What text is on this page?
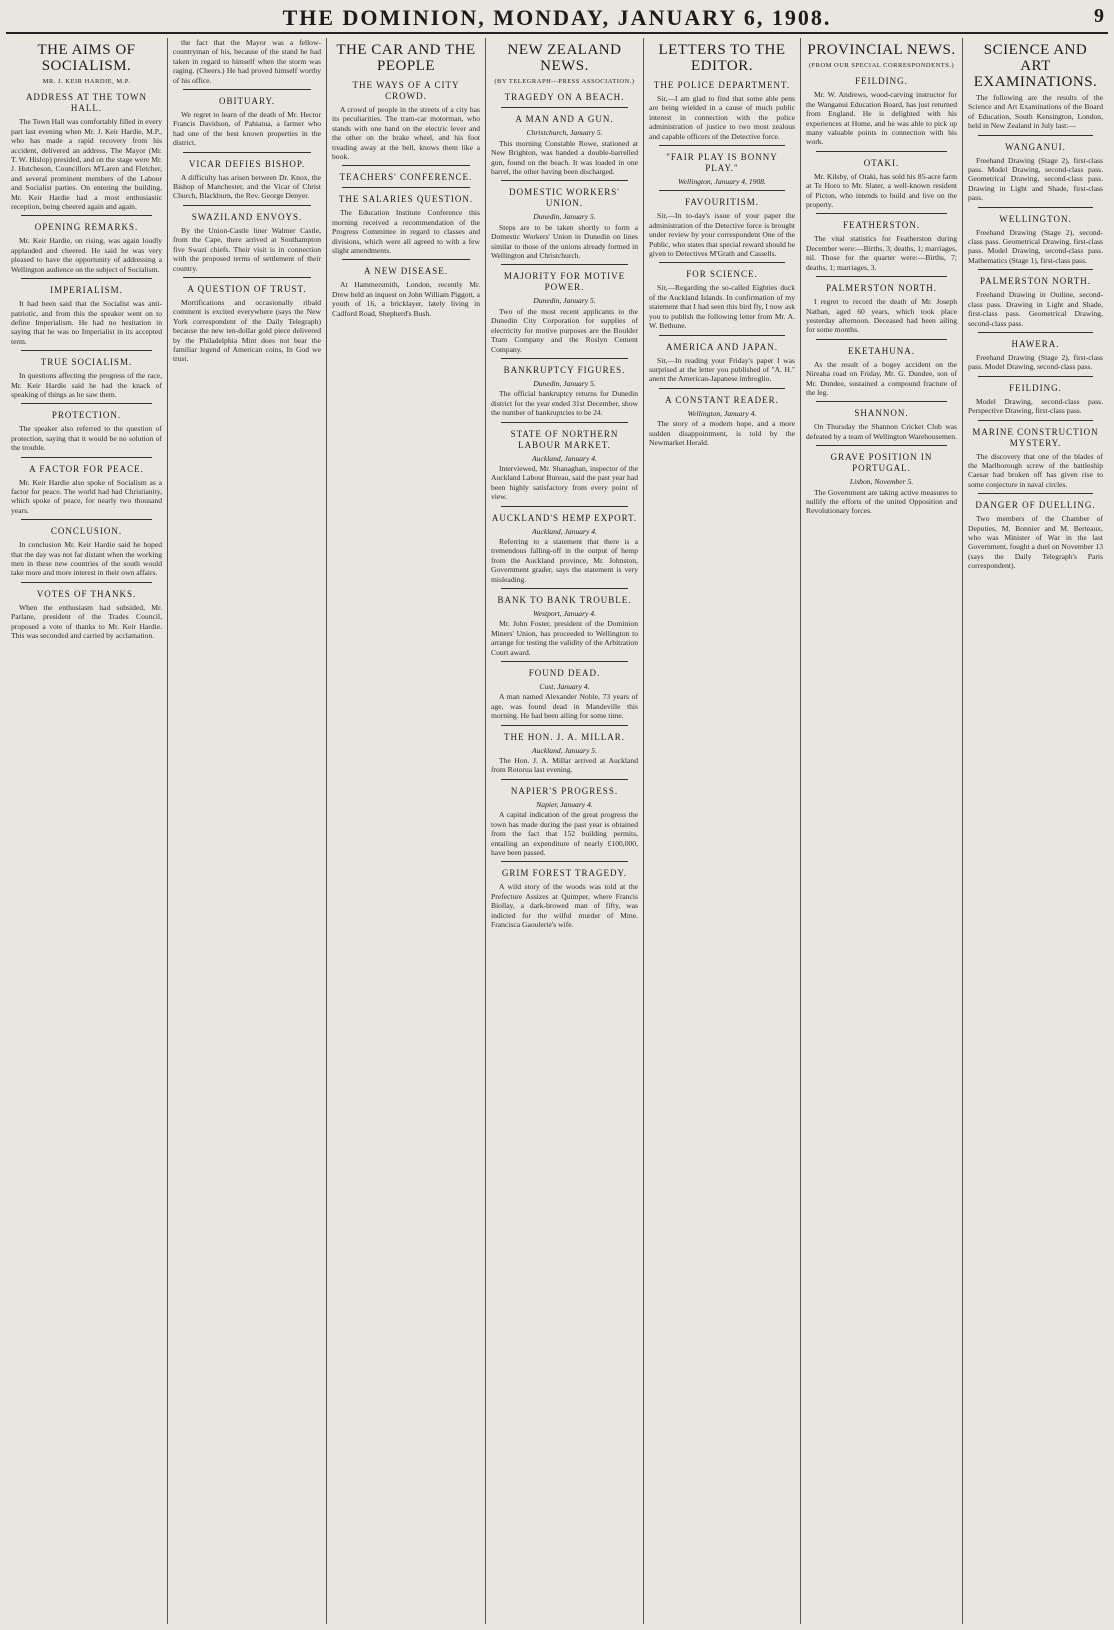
THE DOMINION, MONDAY, JANUARY 6, 1908.	9
THE AIMS OF SOCIALISM.
MR. J. KEIR HARDIE, M.P.
ADDRESS AT THE TOWN HALL.

The Town Hall was comfortably filled in every part last evening when Mr. J. Keir Hardie, M.P., who has made a rapid recovery from his accident, delivered an address. The Mayor (Mr. T. W. Hislop) presided, and on the stage were Mr. J. Hutcheson, Councillors M'Laren and Fletcher, and several prominent members of the Labour and Socialist parties. On entering the building, Mr. Keir Hardie had a most enthusiastic reception, being cheered again and again.

OPENING REMARKS.

Mr. Keir Hardie, on rising, was again loudly applauded and cheered. He said he was very pleased to have the opportunity of addressing a Wellington audience on the subject of Socialism.

IMPERIALISM.

It had been said that the Socialist was anti-patriotic, and from this the speaker went on to define Imperialism. He had no hesitation in saying that he was no Imperialist in its accepted term.

TRUE SOCIALISM.

In questions affecting the progress of the race, Mr. Keir Hardie said he had the knack of speaking of things as he saw them.

PROTECTION.

The speaker also referred to the question of protection, saying that it would be no solution of the trouble.

A FACTOR FOR PEACE.

Mr. Keir Hardie also spoke of Socialism as a factor for peace. The world had had Christianity, which spoke of peace, for nearly two thousand years.

CONCLUSION.

In conclusion Mr. Keir Hardie said he hoped that the day was not far distant when the working men in these new countries of the south would take more and more interest in their own affairs.

VOTES OF THANKS.

When the enthusiasm had subsided, Mr. Parlane, president of the Trades Council, proposed a vote of thanks to Mr. Keir Hardie. This was seconded and carried by acclamation.

the fact that the Mayor was a fellow-countryman of his, because of the stand he had taken in regard to himself when the storm was raging. (Cheers.) He had proved himself worthy of his office.

OBITUARY.

We regret to learn of the death of Mr. Hector Francis Davidson, of Pahiatua, a farmer who had one of the best known properties in the district.

VICAR DEFIES BISHOP.

A difficulty has arisen between Dr. Knox, the Bishop of Manchester, and the Vicar of Christ Church, Blackburn, the Rev. George Denyer.

SWAZILAND ENVOYS.

By the Union-Castle liner Walmer Castle, from the Cape, there arrived at Southampton five Swazi chiefs. Their visit is in connection with the proposed terms of settlement of their country.

A QUESTION OF TRUST.

Mortifications and occasionally ribald comment is excited everywhere (says the New York correspondent of the Daily Telegraph) because the new ten-dollar gold piece delivered by the Philadelphia Mint does not bear the familiar legend of American coins, In God we trust.

THE CAR AND THE PEOPLE
THE WAYS OF A CITY CROWD.

A crowd of people in the streets of a city has its peculiarities. The tram-car motorman, who stands with one hand on the electric lever and the other on the brake wheel, and his foot treading away at the bell, knows them like a book.

TEACHERS' CONFERENCE.
THE SALARIES QUESTION.

The Education Institute Conference this morning received a recommendation of the Progress Committee in regard to classes and divisions, which were all agreed to with a few slight amendments.

A NEW DISEASE.

At Hammersmith, London, recently Mr. Drew held an inquest on John William Piggott, a youth of 16, a bricklayer, lately living in Cadford Road, Shepherd's Bush.

NEW ZEALAND NEWS.
(BY TELEGRAPH—PRESS ASSOCIATION.)
TRAGEDY ON A BEACH.
A MAN AND A GUN.
Christchurch, January 5.

This morning Constable Rowe, stationed at New Brighton, was handed a double-barrelled gun, found on the beach. It was loaded in one barrel, the other having been discharged.

DOMESTIC WORKERS' UNION.
Dunedin, January 5.

Steps are to be taken shortly to form a Domestic Workers' Union in Dunedin on lines similar to those of the unions already formed in Wellington and Christchurch.

MAJORITY FOR MOTIVE POWER.
Dunedin, January 5.

Two of the most recent applicants to the Dunedin City Corporation for supplies of electricity for motive purposes are the Boulder Tram Company and the Roslyn Cement Company.

BANKRUPTCY FIGURES.
Dunedin, January 5.

The official bankruptcy returns for Dunedin district for the year ended 31st December, show the number of bankruptcies to be 24.

STATE OF NORTHERN LABOUR MARKET.
Auckland, January 4.

Interviewed, Mr. Shanaghan, inspector of the Auckland Labour Bureau, said the past year had been highly satisfactory from every point of view.

AUCKLAND'S HEMP EXPORT.
Auckland, January 4.

Referring to a statement that there is a tremendous falling-off in the output of hemp from the Auckland province, Mr. Johnston, Government grader, says the statement is very misleading.

BANK TO BANK TROUBLE.
Westport, January 4.

Mr. John Foster, president of the Dominion Miners' Union, has proceeded to Wellington to arrange for testing the validity of the Arbitration Court award.

FOUND DEAD.
Cust, January 4.

A man named Alexander Noble, 73 years of age, was found dead in Mandeville this morning. He had been ailing for some time.

THE HON. J. A. MILLAR.
Auckland, January 5.

The Hon. J. A. Millar arrived at Auckland from Rotorua last evening.

NAPIER'S PROGRESS.
Napier, January 4.

A capital indication of the great progress the town has made during the past year is obtained from the fact that 152 building permits, entailing an expenditure of nearly £100,000, have been passed.

GRIM FOREST TRAGEDY.

A wild story of the woods was told at the Prefecture Assizes at Quimper, where Francis Biollay, a dark-browed man of fifty, was indicted for the wilful murder of Mme. Francisca Gaoulerie's wife.

LETTERS TO THE EDITOR.
THE POLICE DEPARTMENT.

Sir,—I am glad to find that some able pens are being wielded in a cause of much public interest in connection with the police administration of justice to two most zealous and capable officers of the Detective force.

"FAIR PLAY IS BONNY PLAY."
Wellington, January 4, 1908.
FAVOURITISM.

Sir,—In to-day's issue of your paper the administration of the Detective force is brought under review by your correspondent One of the Public, who states that special reward should be given to Detectives M'Grath and Cassells.

FOR SCIENCE.

Sir,—Regarding the so-called Eighties duck of the Auckland Islands. In confirmation of my statement that I had seen this bird fly, I now ask you to publish the following letter from Mr. A. W. Bethune.

AMERICA AND JAPAN.

Sir,—In reading your Friday's paper I was surprised at the letter you published of "A. H." anent the American-Japanese imbroglio.

A CONSTANT READER.
Wellington, January 4.

The story of a modern hope, and a more sudden disappointment, is told by the Newmarket Herald.

PROVINCIAL NEWS.
(FROM OUR SPECIAL CORRESPONDENTS.)
FEILDING.

Mr. W. Andrews, wood-carving instructor for the Wanganui Education Board, has just returned from England. He is delighted with his experiences at Home, and he was able to pick up many valuable points in connection with his work.

OTAKI.

Mr. Kilsby, of Otaki, has sold his 85-acre farm at Te Horo to Mr. Slater, a well-known resident of Picton, who intends to build and live on the property.

FEATHERSTON.

The vital statistics for Featherston during December were:—Births, 3; deaths, 1; marriages, nil. Those for the quarter were:—Births, 7; deaths, 1; marriages, 3.

PALMERSTON NORTH.

I regret to record the death of Mr. Joseph Nathan, aged 60 years, which took place yesterday afternoon. Deceased had been ailing for some months.

EKETAHUNA.

As the result of a bogey accident on the Nireaha road on Friday, Mr. G. Dundee, son of Mr. Dundee, sustained a compound fracture of the leg.

SHANNON.

On Thursday the Shannon Cricket Club was defeated by a team of Wellington Warehousemen.

GRAVE POSITION IN PORTUGAL.
Lisbon, November 5.

The Government are taking active measures to nullify the efforts of the united Opposition and Revolutionary forces.

SCIENCE AND ART EXAMINATIONS.

The following are the results of the Science and Art Examinations of the Board of Education, South Kensington, London, held in New Zealand in July last:—

WANGANUI.

Freehand Drawing (Stage 2), first-class pass. Model Drawing, second-class pass. Geometrical Drawing, second-class pass. Drawing in Light and Shade, first-class pass.

WELLINGTON.

Freehand Drawing (Stage 2), second-class pass. Geometrical Drawing, first-class pass. Model Drawing, second-class pass. Mathematics (Stage 1), first-class pass.

PALMERSTON NORTH.

Freehand Drawing in Outline, second-class pass. Drawing in Light and Shade, first-class pass. Geometrical Drawing, second-class pass.

HAWERA.

Freehand Drawing (Stage 2), first-class pass. Model Drawing, second-class pass.

FEILDING.

Model Drawing, second-class pass. Perspective Drawing, first-class pass.

MARINE CONSTRUCTION MYSTERY.

The discovery that one of the blades of the Marlborough screw of the battleship Caesar had broken off has given rise to some conjecture in naval circles.

DANGER OF DUELLING.

Two members of the Chamber of Deputies, M. Bonnier and M. Berteaux, who was Minister of War in the last Government, fought a duel on November 13 (says the Daily Telegraph's Paris correspondent).
